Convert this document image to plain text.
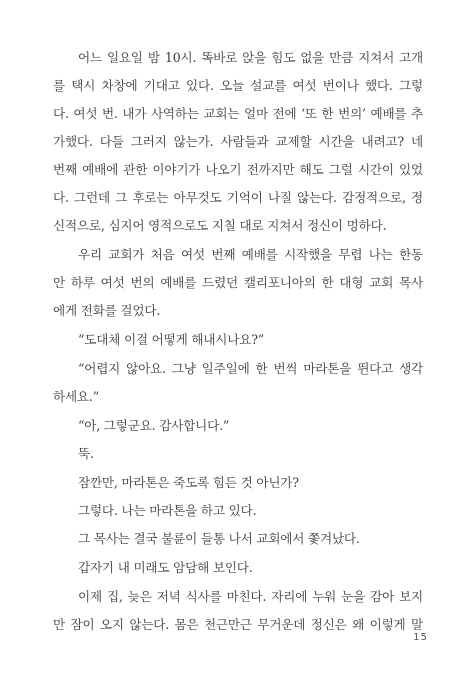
어느 일요일 밤 10시. 똑바로 앉을 힘도 없을 만큼 지쳐서 고개
를 택시 차창에 기대고 있다. 오늘 설교를 여섯 번이나 했다. 그렇
다. 여섯 번. 내가 사역하는 교회는 얼마 전에 ‘또 한 번의’ 예배를 추
가했다. 다들 그러지 않는가. 사람들과 교제할 시간을 내려고? 네
번째 예배에 관한 이야기가 나오기 전까지만 해도 그럴 시간이 있었
다. 그런데 그 후로는 아무것도 기억이 나질 않는다. 감정적으로, 정
신적으로, 심지어 영적으로도 지칠 대로 지쳐서 정신이 멍하다.
우리 교회가 처음 여섯 번째 예배를 시작했을 무렵 나는 한동
안 하루 여섯 번의 예배를 드렸던 캘리포니아의 한 대형 교회 목사
에게 전화를 걸었다.
“도대체 이걸 어떻게 해내시나요?”
“어렵지 않아요. 그냥 일주일에 한 번씩 마라톤을 뛴다고 생각
하세요.”
“아, 그렇군요. 감사합니다.”
뚝.
잠깐만, 마라톤은 죽도록 힘든 것 아닌가?
그렇다. 나는 마라톤을 하고 있다.
그 목사는 결국 불륜이 들통 나서 교회에서 쫓겨났다.
갑자기 내 미래도 암담해 보인다.
이제 집, 늦은 저녁 식사를 마친다. 자리에 누워 눈을 감아 보지
만 잠이 오지 않는다. 몸은 천근만근 무거운데 정신은 왜 이렇게 말
15
